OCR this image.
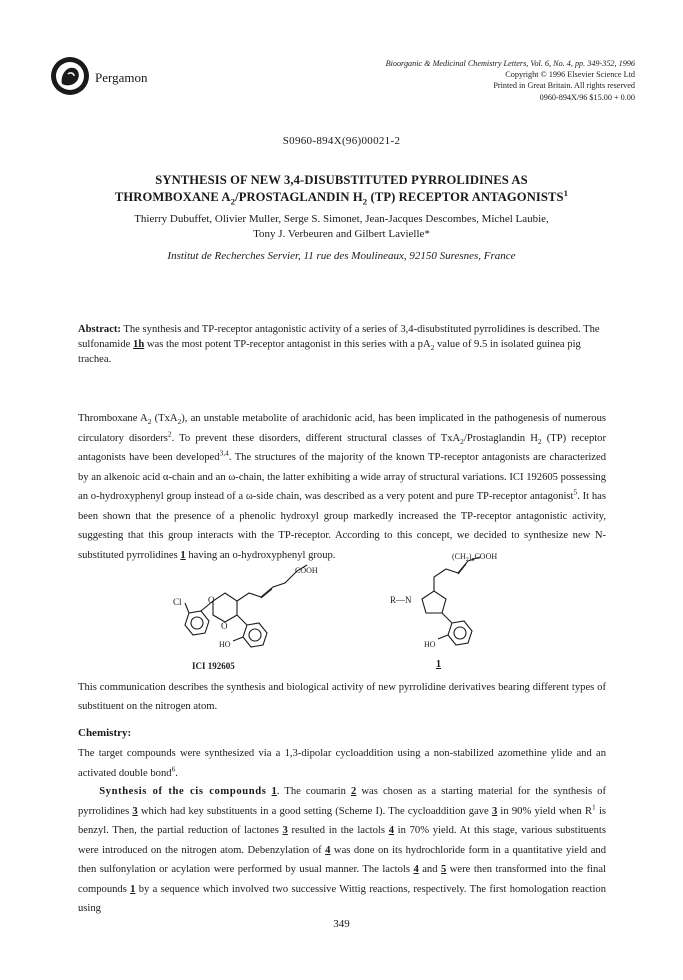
Pergamon
Bioorganic & Medicinal Chemistry Letters, Vol. 6, No. 4, pp. 349-352, 1996
Copyright © 1996 Elsevier Science Ltd
Printed in Great Britain. All rights reserved
0960-894X/96 $15.00 + 0.00
S0960-894X(96)00021-2
SYNTHESIS OF NEW 3,4-DISUBSTITUTED PYRROLIDINES AS
THROMBOXANE $A_2$/PROSTAGLANDIN $H_2$ (TP) RECEPTOR ANTAGONISTS$^1$
Thierry Dubuffet, Olivier Muller, Serge S. Simonet, Jean-Jacques Descombes, Michel Laubie,
Tony J. Verbeuren and Gilbert Lavielle*
Institut de Recherches Servier, 11 rue des Moulineaux, 92150 Suresnes, France
Abstract: The synthesis and TP-receptor antagonistic activity of a series of 3,4-disubstituted pyrrolidines is described. The sulfonamide 1h was the most potent TP-receptor antagonist in this series with a $pA_2$ value of 9.5 in isolated guinea pig trachea.
Thromboxane $A_2$ (TxA$_2$), an unstable metabolite of arachidonic acid, has been implicated in the pathogenesis of numerous circulatory disorders$^2$. To prevent these disorders, different structural classes of TxA$_2$/Prostaglandin $H_2$ (TP) receptor antagonists have been developed$^{3,4}$. The structures of the majority of the known TP-receptor antagonists are characterized by an alkenoic acid α-chain and an ω-chain, the latter exhibiting a wide array of structural variations. ICI 192605 possessing an o-hydroxyphenyl group instead of a ω-side chain, was described as a very potent and pure TP-receptor antagonist$^5$. It has been shown that the presence of a phenolic hydroxyl group markedly increased the TP-receptor antagonistic activity, suggesting that this group interacts with the TP-receptor. According to this concept, we decided to synthesize new N-substituted pyrrolidines 1 having an o-hydroxyphenyl group.
Cl	O
O
HO
COOH
ICI 192605
$(CH_2)_nCOOH$
R—N
HO
1
This communication describes the synthesis and biological activity of new pyrrolidine derivatives bearing different types of substituent on the nitrogen atom.
Chemistry:
The target compounds were synthesized via a 1,3-dipolar cycloaddition using a non-stabilized azomethine ylide and an activated double bond$^6$.
  Synthesis of the cis compounds 1. The coumarin 2 was chosen as a starting material for the synthesis of pyrrolidines 3 which had key substituents in a good setting (Scheme I). The cycloaddition gave 3 in 90% yield when $R^1$ is benzyl. Then, the partial reduction of lactones 3 resulted in the lactols 4 in 70% yield. At this stage, various substituents were introduced on the nitrogen atom. Debenzylation of 4 was done on its hydrochloride form in a quantitative yield and then sulfonylation or acylation were performed by usual manner. The lactols 4 and 5 were then transformed into the final compounds 1 by a sequence which involved two successive Wittig reactions, respectively. The first homologation reaction using
349
